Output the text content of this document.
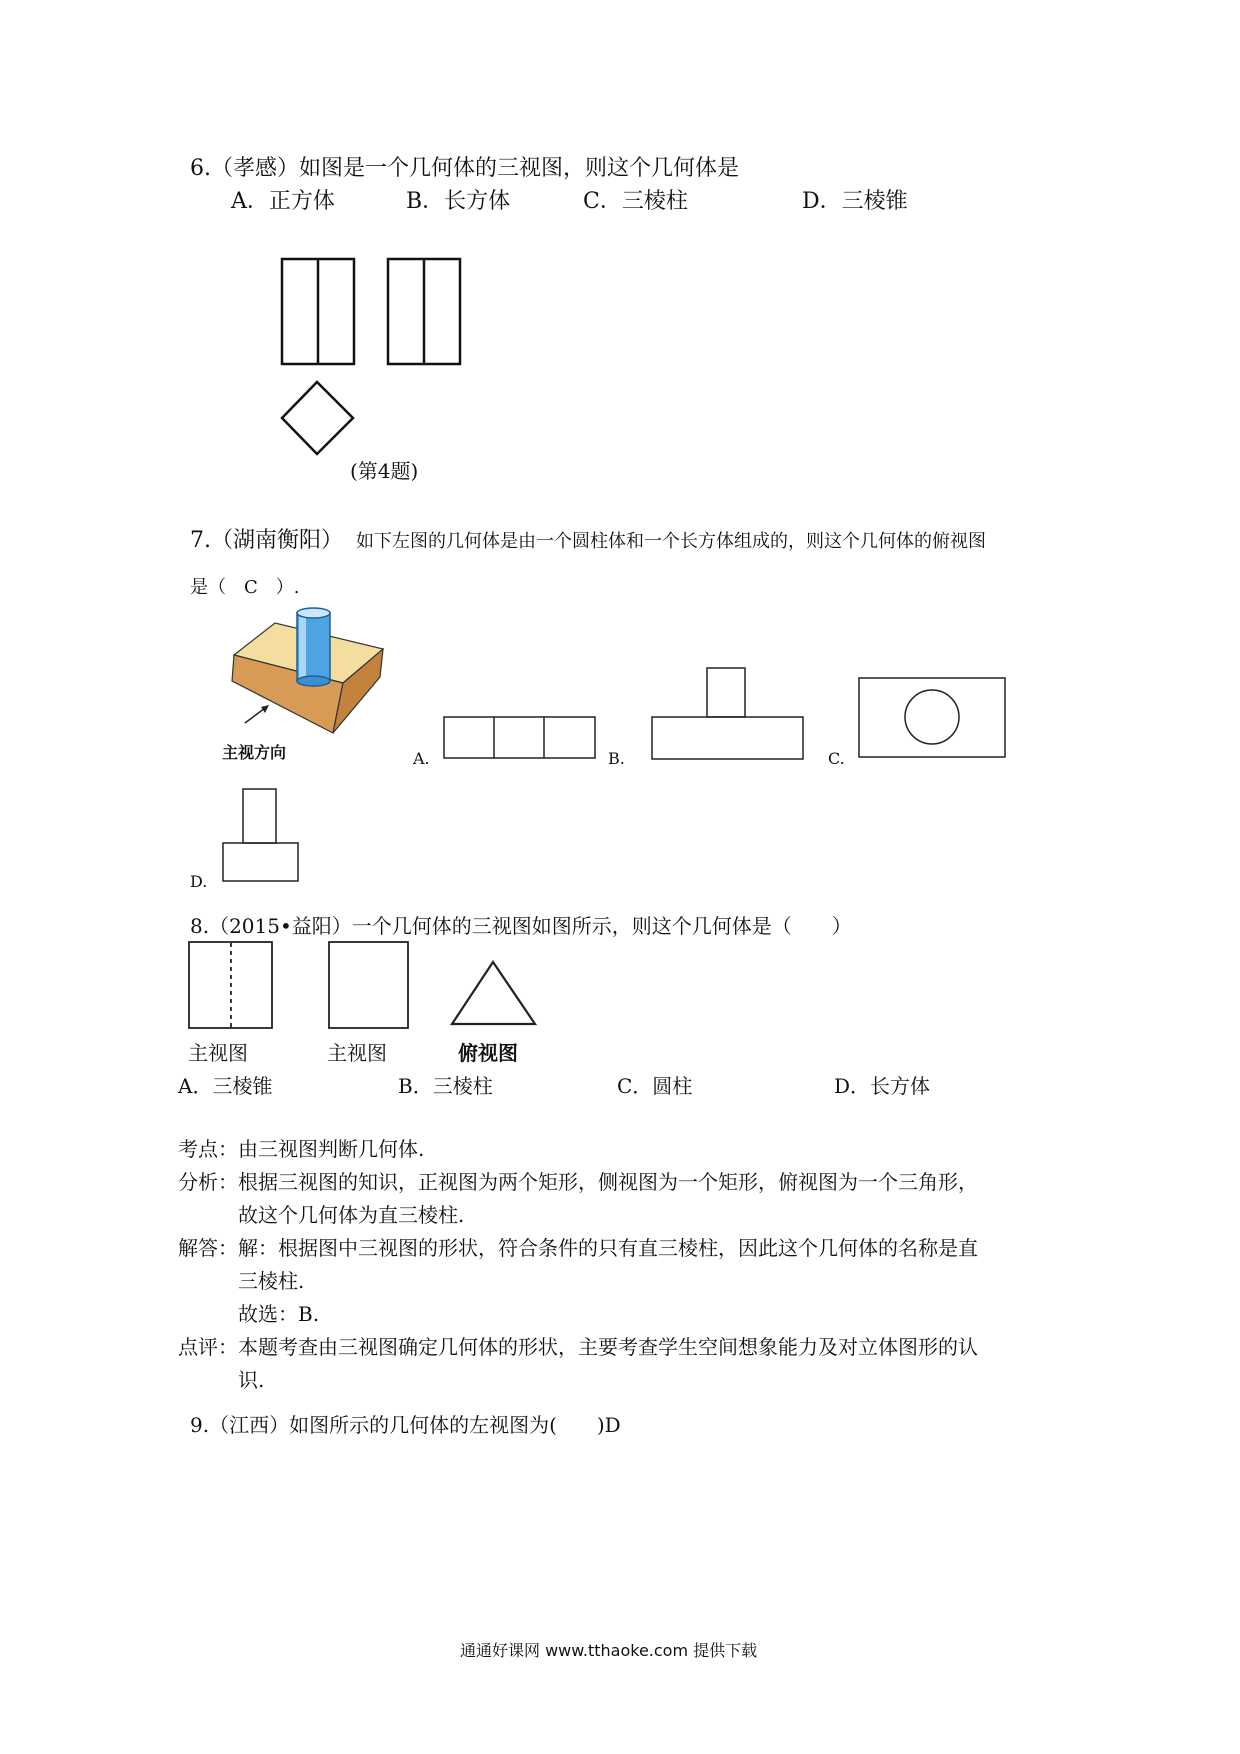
6.（孝感）如图是一个几何体的三视图，则这个几何体是
A．正方体	B．长方体	C．三棱柱	D．三棱锥
(第4题)
7.（湖南衡阳） 如下左图的几何体是由一个圆柱体和一个长方体组成的，则这个几何体的俯视图
是（　C　）.
主视方向	A.	B.	C.
D.
8.（2015•益阳）一个几何体的三视图如图所示，则这个几何体是（　　）
主视图	主视图	俯视图
A．三棱锥	B．三棱柱	C．圆柱	D．长方体
考点：由三视图判断几何体.
分析：根据三视图的知识，正视图为两个矩形，侧视图为一个矩形，俯视图为一个三角形，
故这个几何体为直三棱柱.
解答：解：根据图中三视图的形状，符合条件的只有直三棱柱，因此这个几何体的名称是直
三棱柱.
故选：B.
点评：本题考查由三视图确定几何体的形状，主要考查学生空间想象能力及对立体图形的认
识.
9.（江西）如图所示的几何体的左视图为(　　)D
通通好课网 www.tthaoke.com 提供下载
